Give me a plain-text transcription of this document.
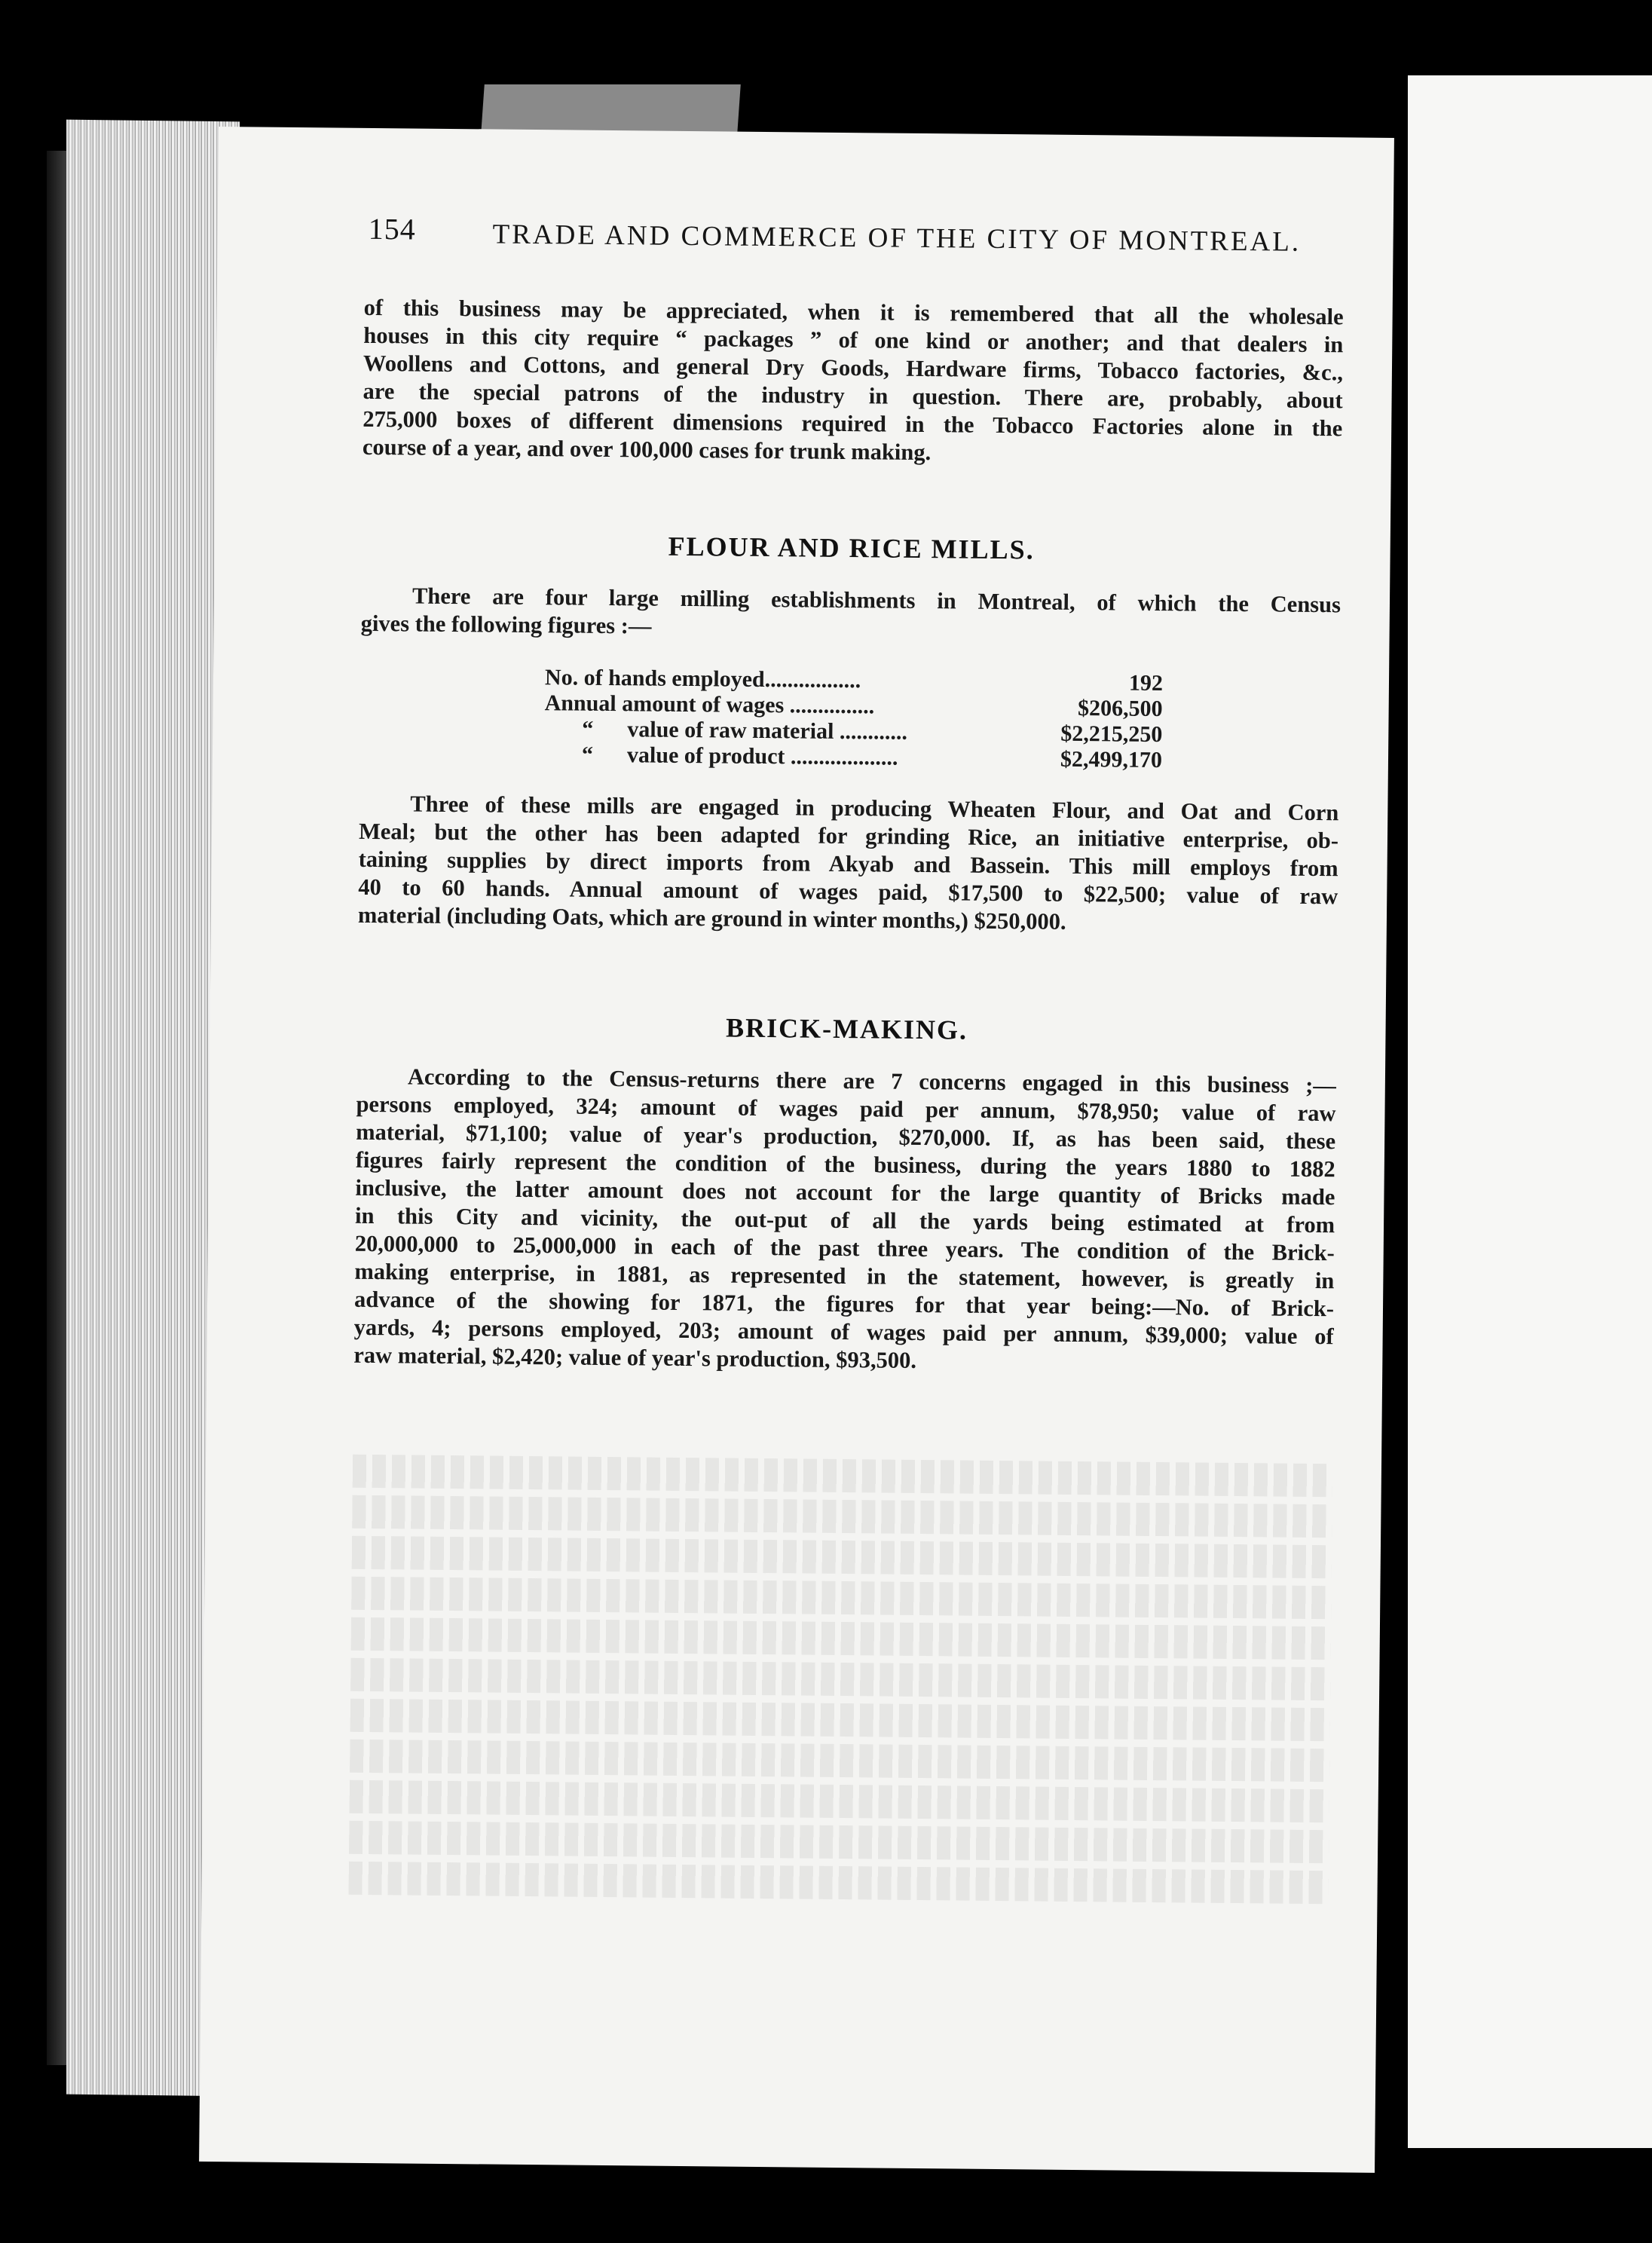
154	TRADE AND COMMERCE OF THE CITY OF MONTREAL.
of this business may be appreciated, when it is remembered that all the wholesale
houses in this city require “ packages ” of one kind or another; and that dealers in
Woollens and Cottons, and general Dry Goods, Hardware firms, Tobacco factories, &c.,
are the special patrons of the industry in question. There are, probably, about
275,000 boxes of different dimensions required in the Tobacco Factories alone in the
course of a year, and over 100,000 cases for trunk making.
FLOUR AND RICE MILLS.
There are four large milling establishments in Montreal, of which the Census
gives the following figures :—
No. of hands employed.................	192
Annual amount of wages ...............	$206,500
“ value of raw material ............	$2,215,250
“ value of product ...................	$2,499,170
Three of these mills are engaged in producing Wheaten Flour, and Oat and Corn
Meal; but the other has been adapted for grinding Rice, an initiative enterprise, ob-
taining supplies by direct imports from Akyab and Bassein. This mill employs from
40 to 60 hands. Annual amount of wages paid, $17,500 to $22,500; value of raw
material (including Oats, which are ground in winter months,) $250,000.
BRICK-MAKING.
According to the Census-returns there are 7 concerns engaged in this business ;—
persons employed, 324; amount of wages paid per annum, $78,950; value of raw
material, $71,100; value of year's production, $270,000. If, as has been said, these
figures fairly represent the condition of the business, during the years 1880 to 1882
inclusive, the latter amount does not account for the large quantity of Bricks made
in this City and vicinity, the out-put of all the yards being estimated at from
20,000,000 to 25,000,000 in each of the past three years. The condition of the Brick-
making enterprise, in 1881, as represented in the statement, however, is greatly in
advance of the showing for 1871, the figures for that year being:—No. of Brick-
yards, 4; persons employed, 203; amount of wages paid per annum, $39,000; value of
raw material, $2,420; value of year's production, $93,500.
